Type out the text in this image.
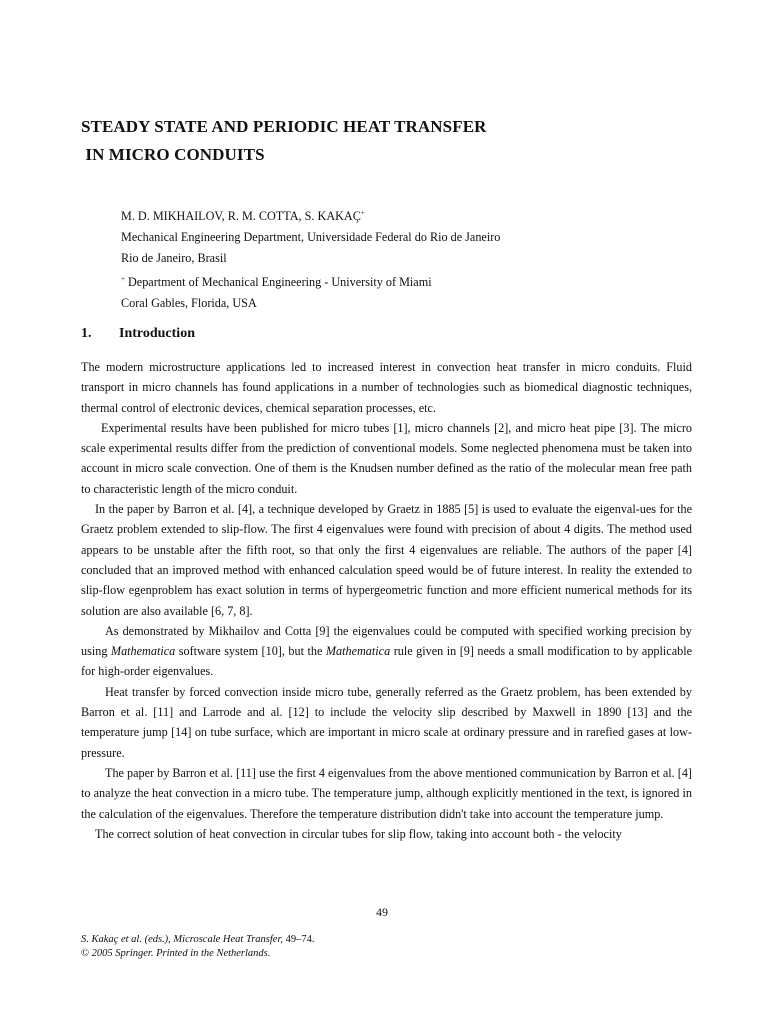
STEADY STATE AND PERIODIC HEAT TRANSFER
IN MICRO CONDUITS
M. D. MIKHAILOV, R. M. COTTA, S. KAKAÇ+
Mechanical Engineering Department, Universidade Federal do Rio de Janeiro
Rio de Janeiro, Brasil
+ Department of Mechanical Engineering - University of Miami
Coral Gables, Florida, USA
1. Introduction

The modern microstructure applications led to increased interest in convection heat transfer in micro conduits. Fluid transport in micro channels has found applications in a number of technologies such as biomedical diagnostic techniques, thermal control of electronic devices, chemical separation processes, etc.

Experimental results have been published for micro tubes [1], micro channels [2], and micro heat pipe [3]. The micro scale experimental results differ from the prediction of conventional models. Some neglected phenomena must be taken into account in micro scale convection. One of them is the Knudsen number defined as the ratio of the molecular mean free path to characteristic length of the micro conduit.

In the paper by Barron et al. [4], a technique developed by Graetz in 1885 [5] is used to evaluate the eigenval-ues for the Graetz problem extended to slip-flow. The first 4 eigenvalues were found with precision of about 4 digits. The method used appears to be unstable after the fifth root, so that only the first 4 eigenvalues are reliable. The authors of the paper [4] concluded that an improved method with enhanced calculation speed would be of future interest. In reality the extended to slip-flow egenproblem has exact solution in terms of hypergeometric function and more efficient numerical methods for its solution are also available [6, 7, 8].

As demonstrated by Mikhailov and Cotta [9] the eigenvalues could be computed with specified working precision by using Mathematica software system [10], but the Mathematica rule given in [9] needs a small modification to by applicable for high-order eigenvalues.

Heat transfer by forced convection inside micro tube, generally referred as the Graetz problem, has been extended by Barron et al. [11] and Larrode and al. [12] to include the velocity slip described by Maxwell in 1890 [13] and the temperature jump [14] on tube surface, which are important in micro scale at ordinary pressure and in rarefied gases at low-pressure.

The paper by Barron et al. [11] use the first 4 eigenvalues from the above mentioned communication by Barron et al. [4] to analyze the heat convection in a micro tube. The temperature jump, although explicitly mentioned in the text, is ignored in the calculation of the eigenvalues. Therefore the temperature distribution didn't take into account the temperature jump.

The correct solution of heat convection in circular tubes for slip flow, taking into account both - the velocity

49
S. Kakaç et al. (eds.), Microscale Heat Transfer, 49–74.
© 2005 Springer. Printed in the Netherlands.
